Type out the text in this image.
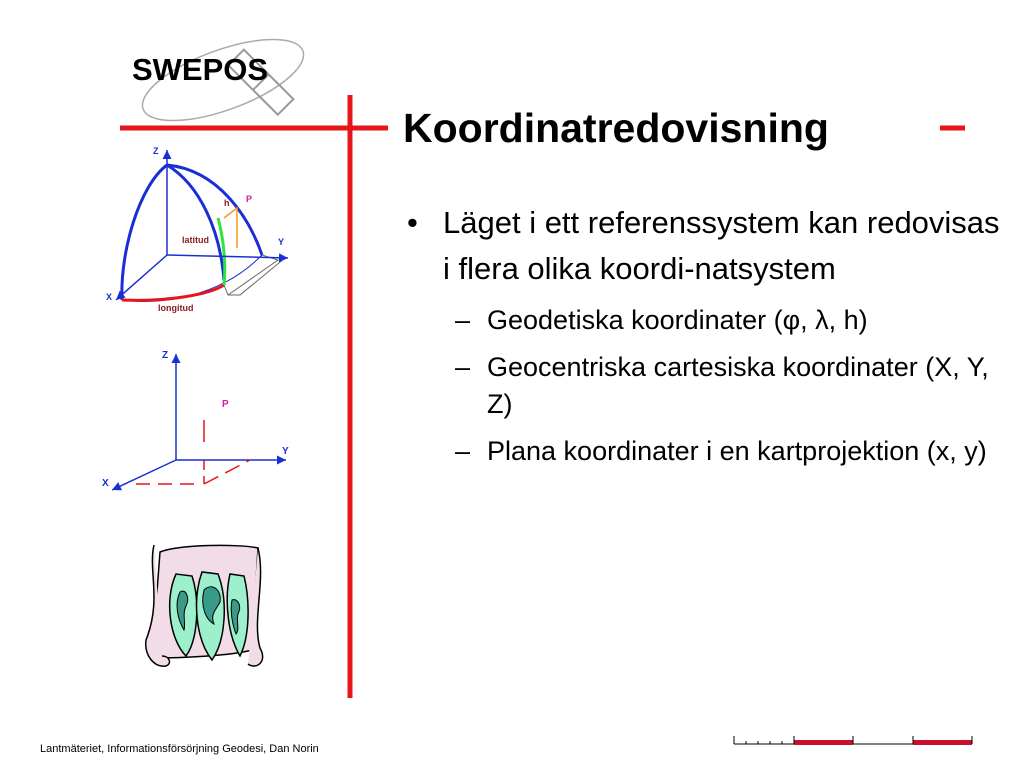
SWEPOS
Koordinatredovisning
• Läget i ett referenssystem kan redovisas i flera olika koordi-natsystem
– Geodetiska koordinater (φ, λ, h)
– Geocentriska cartesiska koordinater (X, Y, Z)
– Plana koordinater i en kartprojektion (x, y)
Z
Y
X
P
h
latitud
longitud
Z
Y
X
P
Lantmäteriet, Informationsförsörjning Geodesi, Dan Norin
